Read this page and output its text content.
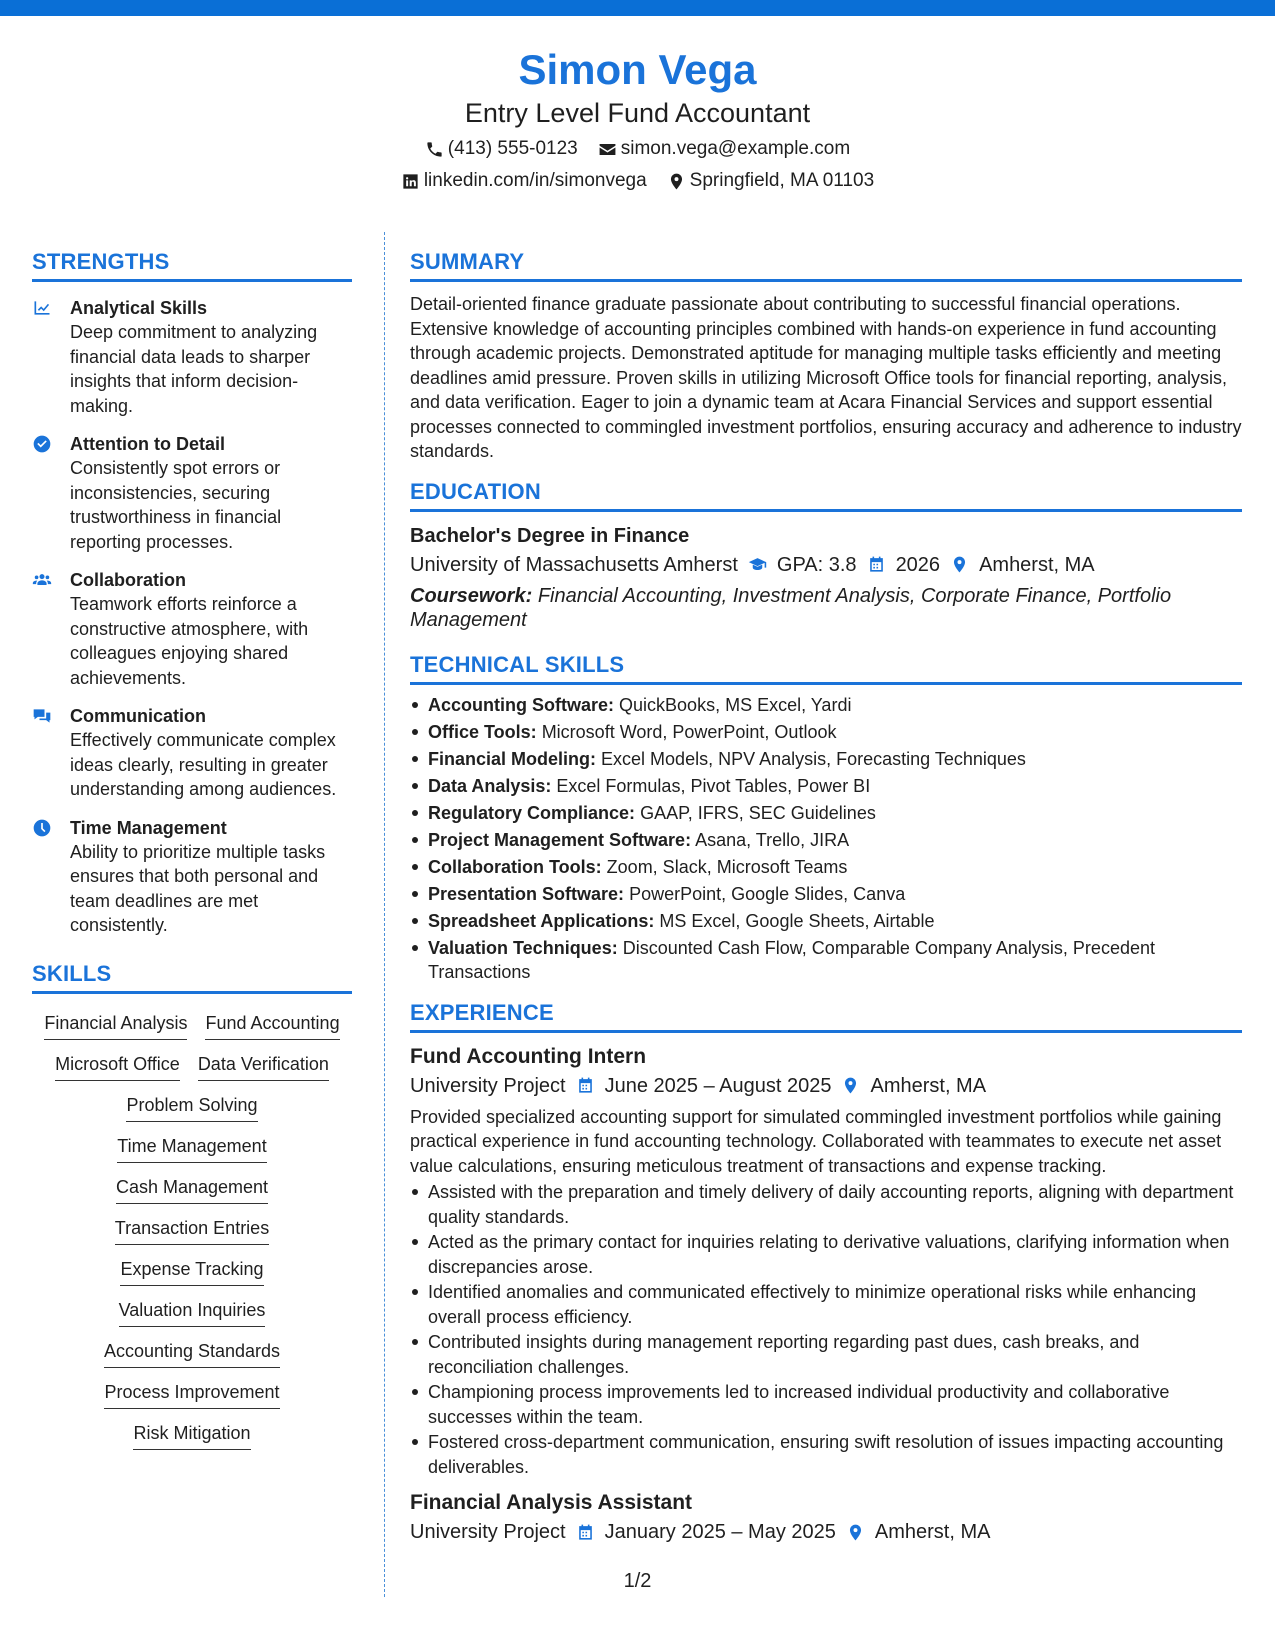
Simon Vega
Entry Level Fund Accountant
(413) 555-0123 simon.vega@example.com
linkedin.com/in/simonvega Springfield, MA 01103
STRENGTHS
Analytical Skills
Deep commitment to analyzing financial data leads to sharper insights that inform decision-making.
Attention to Detail
Consistently spot errors or inconsistencies, securing trustworthiness in financial reporting processes.
Collaboration
Teamwork efforts reinforce a constructive atmosphere, with colleagues enjoying shared achievements.
Communication
Effectively communicate complex ideas clearly, resulting in greater understanding among audiences.
Time Management
Ability to prioritize multiple tasks ensures that both personal and team deadlines are met consistently.
SKILLS
Financial Analysis Fund Accounting
Microsoft Office Data Verification
Problem Solving
Time Management
Cash Management
Transaction Entries
Expense Tracking
Valuation Inquiries
Accounting Standards
Process Improvement
Risk Mitigation
SUMMARY
Detail-oriented finance graduate passionate about contributing to successful financial operations. Extensive knowledge of accounting principles combined with hands-on experience in fund accounting through academic projects. Demonstrated aptitude for managing multiple tasks efficiently and meeting deadlines amid pressure. Proven skills in utilizing Microsoft Office tools for financial reporting, analysis, and data verification. Eager to join a dynamic team at Acara Financial Services and support essential processes connected to commingled investment portfolios, ensuring accuracy and adherence to industry standards.
EDUCATION
Bachelor's Degree in Finance
University of Massachusetts Amherst GPA: 3.8 2026 Amherst, MA
Coursework: Financial Accounting, Investment Analysis, Corporate Finance, Portfolio Management
TECHNICAL SKILLS
Accounting Software: QuickBooks, MS Excel, Yardi
Office Tools: Microsoft Word, PowerPoint, Outlook
Financial Modeling: Excel Models, NPV Analysis, Forecasting Techniques
Data Analysis: Excel Formulas, Pivot Tables, Power BI
Regulatory Compliance: GAAP, IFRS, SEC Guidelines
Project Management Software: Asana, Trello, JIRA
Collaboration Tools: Zoom, Slack, Microsoft Teams
Presentation Software: PowerPoint, Google Slides, Canva
Spreadsheet Applications: MS Excel, Google Sheets, Airtable
Valuation Techniques: Discounted Cash Flow, Comparable Company Analysis, Precedent Transactions
EXPERIENCE
Fund Accounting Intern
University Project June 2025 – August 2025 Amherst, MA
Provided specialized accounting support for simulated commingled investment portfolios while gaining practical experience in fund accounting technology. Collaborated with teammates to execute net asset value calculations, ensuring meticulous treatment of transactions and expense tracking.
Assisted with the preparation and timely delivery of daily accounting reports, aligning with department quality standards.
Acted as the primary contact for inquiries relating to derivative valuations, clarifying information when discrepancies arose.
Identified anomalies and communicated effectively to minimize operational risks while enhancing overall process efficiency.
Contributed insights during management reporting regarding past dues, cash breaks, and reconciliation challenges.
Championing process improvements led to increased individual productivity and collaborative successes within the team.
Fostered cross-department communication, ensuring swift resolution of issues impacting accounting deliverables.
Financial Analysis Assistant
University Project January 2025 – May 2025 Amherst, MA
1/2
